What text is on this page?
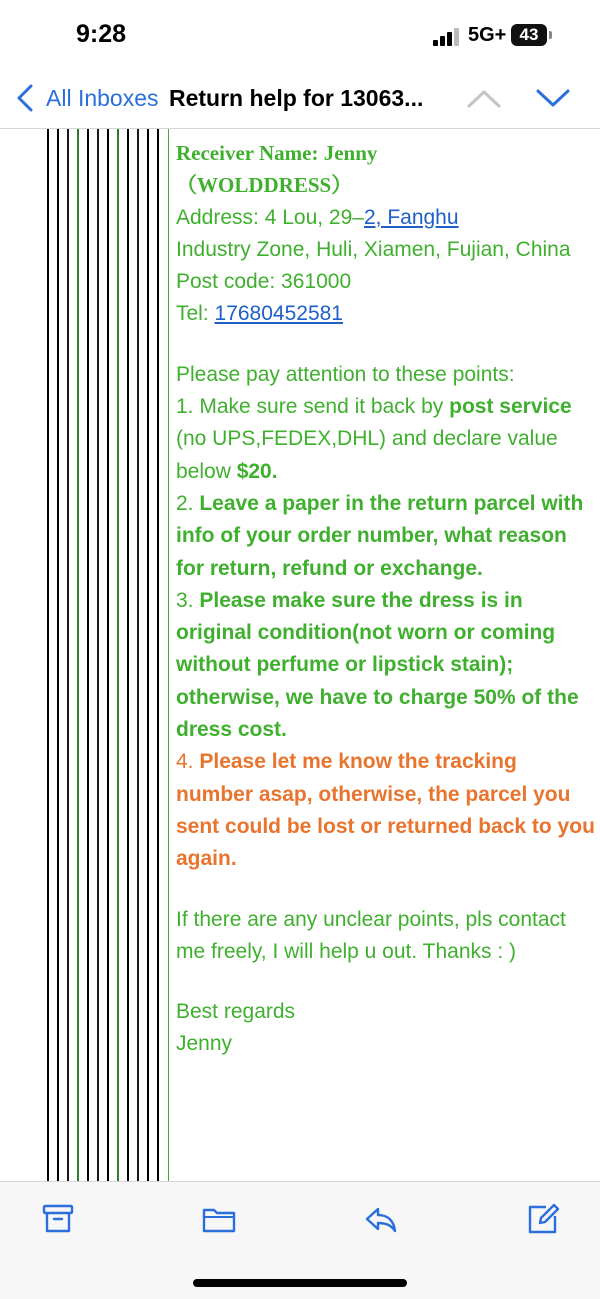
9:28	5G+ 43
All Inboxes Return help for 13063...

Receiver Name: Jenny

（WOLDDRESS）

Address: 4 Lou, 29–2, Fanghu

Industry Zone, Huli, Xiamen, Fujian, China

Post code: 361000

Tel: 17680452581

Please pay attention to these points:

1. Make sure send it back by post service (no UPS,FEDEX,DHL) and declare value below $20.

2. Leave a paper in the return parcel with info of your order number, what reason for return, refund or exchange.

3. Please make sure the dress is in original condition(not worn or coming without perfume or lipstick stain); otherwise, we have to charge 50% of the dress cost.

4. Please let me know the tracking number asap, otherwise, the parcel you sent could be lost or returned back to you again.

If there are any unclear points, pls contact me freely, I will help u out. Thanks : )

Best regards

Jenny
